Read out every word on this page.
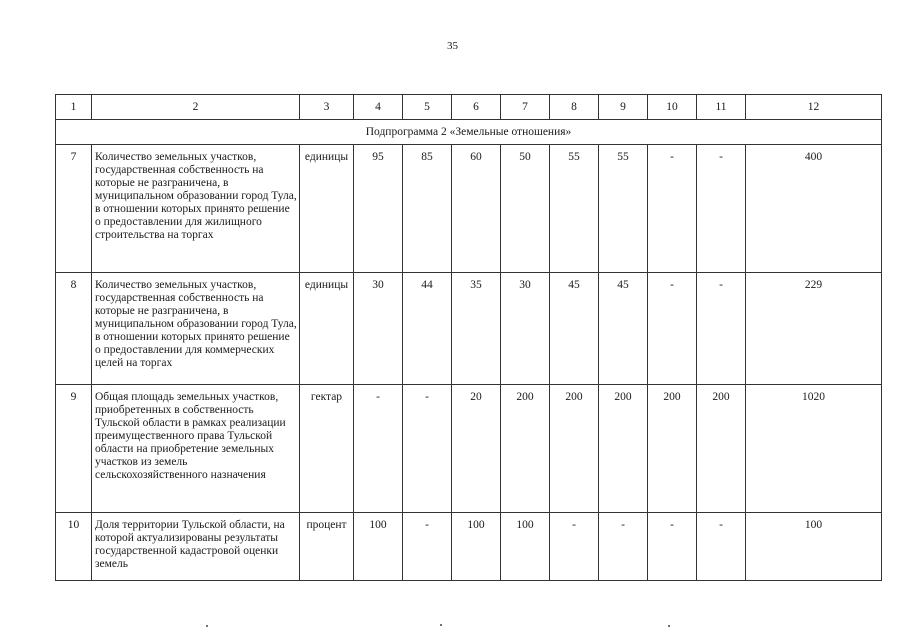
35
1	2	3	4	5	6	7	8	9	10	11	12
Подпрограмма 2 «Земельные отношения»											
7	Количество земельных участков, государственная собственность на которые не разграничена, в муниципальном образовании город Тула, в отношении которых принято решение о предоставлении для жилищного строительства на торгах	единицы	95	85	60	50	55	55	-	-	400
8	Количество земельных участков, государственная собственность на которые не разграничена, в муниципальном образовании город Тула, в отношении которых принято решение о предоставлении для коммерческих целей на торгах	единицы	30	44	35	30	45	45	-	-	229
9	Общая площадь земельных участков, приобретенных в собственность Тульской области в рамках реализации преимущественного права Тульской области на приобретение земельных участков из земель сельскохозяйственного назначения	гектар	-	-	20	200	200	200	200	200	1020
10	Доля территории Тульской области, на которой актуализированы результаты государственной кадастровой оценки земель	процент	100	-	100	100	-	-	-	-	100
